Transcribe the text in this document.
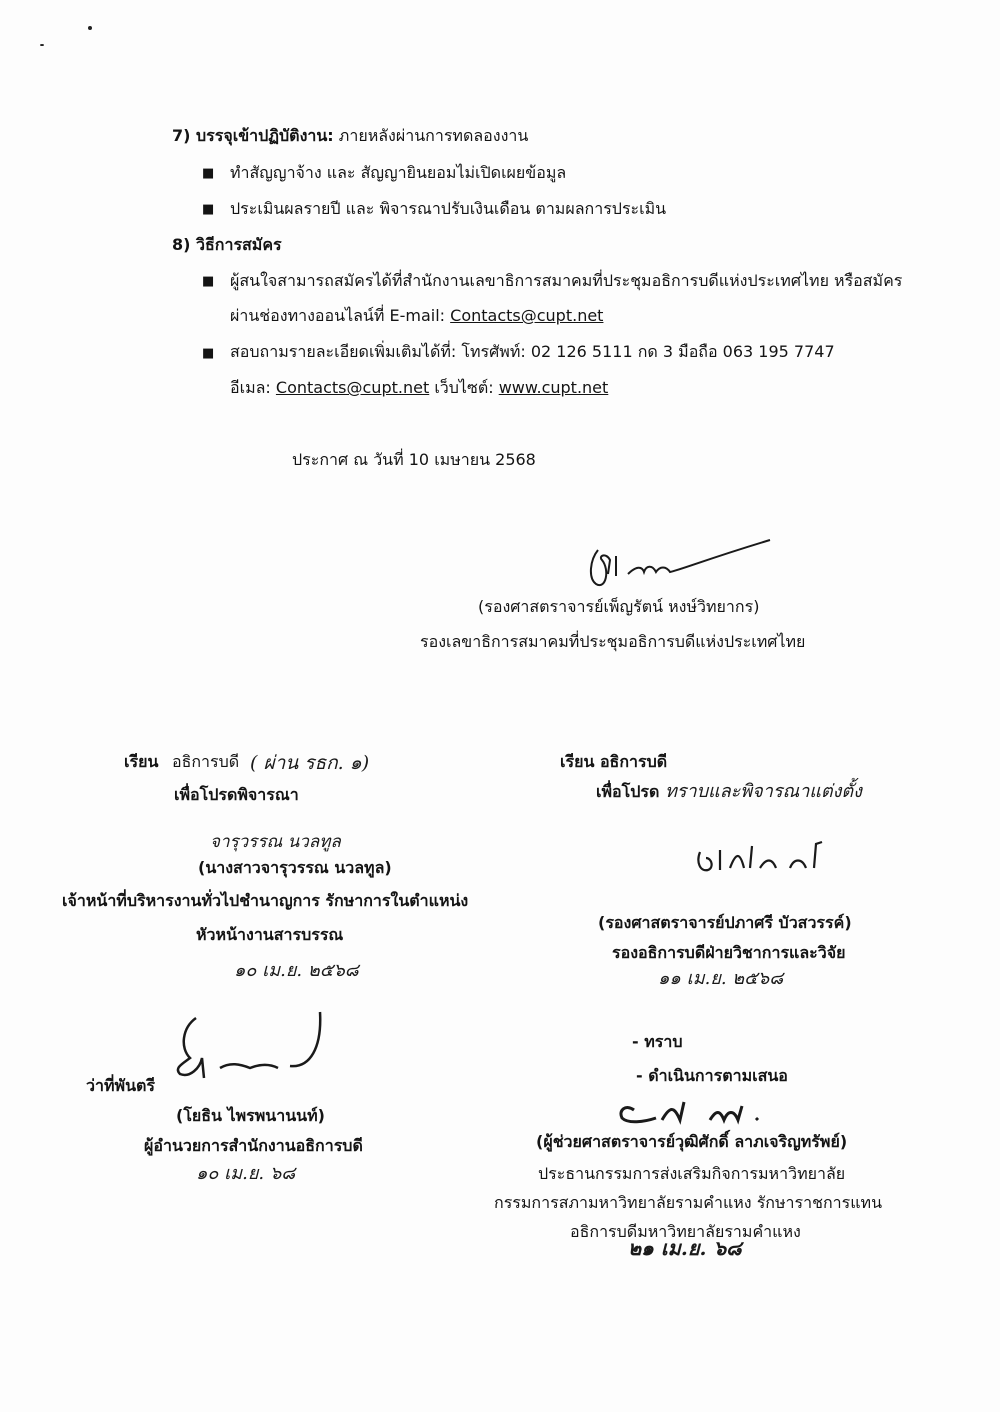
7) บรรจุเข้าปฏิบัติงาน: ภายหลังผ่านการทดลองงาน
■ ทำสัญญาจ้าง และ สัญญายินยอมไม่เปิดเผยข้อมูล
■ ประเมินผลรายปี และ พิจารณาปรับเงินเดือน ตามผลการประเมิน
8) วิธีการสมัคร
■ ผู้สนใจสามารถสมัครได้ที่สำนักงานเลขาธิการสมาคมที่ประชุมอธิการบดีแห่งประเทศไทย หรือสมัคร
ผ่านช่องทางออนไลน์ที่ E-mail: Contacts@cupt.net
■ สอบถามรายละเอียดเพิ่มเติมได้ที่: โทรศัพท์: 02 126 5111 กด 3 มือถือ 063 195 7747
อีเมล: Contacts@cupt.net เว็บไซต์: www.cupt.net
ประกาศ ณ วันที่ 10 เมษายน 2568
(รองศาสตราจารย์เพ็ญรัตน์ หงษ์วิทยากร)
รองเลขาธิการสมาคมที่ประชุมอธิการบดีแห่งประเทศไทย
เรียน อธิการบดี ( ผ่าน รธก. ๑)
เพื่อโปรดพิจารณา
จารุวรรณ นวลทูล
(นางสาวจารุวรรณ นวลทูล)
เจ้าหน้าที่บริหารงานทั่วไปชำนาญการ รักษาการในตำแหน่ง
หัวหน้างานสารบรรณ
๑๐ เม.ย. ๒๕๖๘
ว่าที่พันตรี
(โยธิน ไพรพนานนท์)
ผู้อำนวยการสำนักงานอธิการบดี
๑๐ เม.ย. ๖๘
เรียน อธิการบดี
เพื่อโปรด ทราบและพิจารณาแต่งตั้ง
(รองศาสตราจารย์ปภาศรี บัวสวรรค์)
รองอธิการบดีฝ่ายวิชาการและวิจัย
๑๑ เม.ย. ๒๕๖๘
- ทราบ
- ดำเนินการตามเสนอ
(ผู้ช่วยศาสตราจารย์วุฒิศักดิ์ ลาภเจริญทรัพย์)
ประธานกรรมการส่งเสริมกิจการมหาวิทยาลัย
กรรมการสภามหาวิทยาลัยรามคำแหง รักษาราชการแทน
อธิการบดีมหาวิทยาลัยรามคำแหง
๒๑ เม.ย. ๖๘
